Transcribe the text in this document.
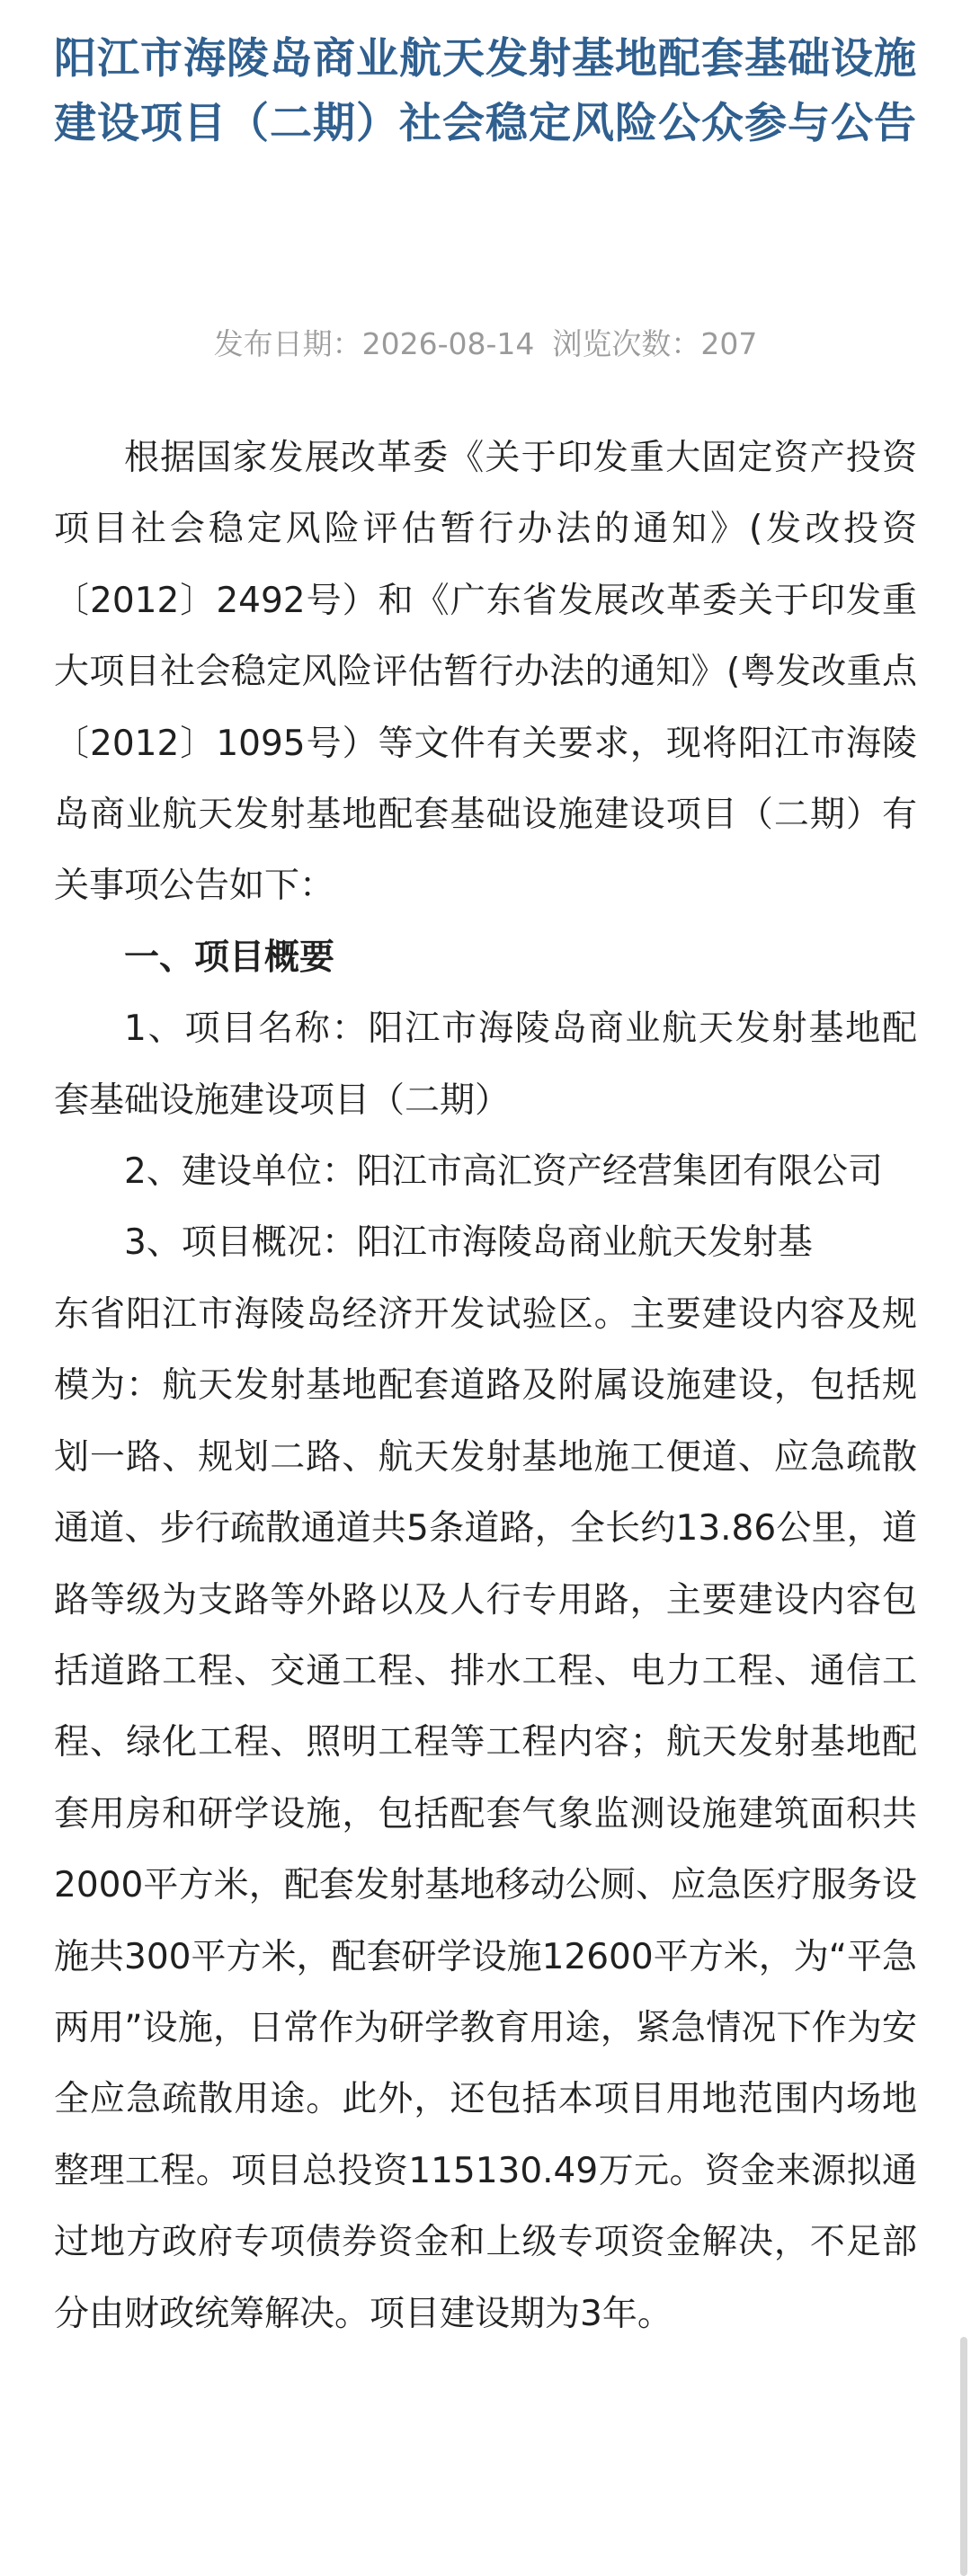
阳江市海陵岛商业航天发射基地配套基础设施建设项目（二期）社会稳定风险公众参与公告
发布日期：2026-08-14 浏览次数：207

根据国家发展改革委《关于印发重大固定资产投资项目社会稳定风险评估暂行办法的通知》(发改投资〔2012〕2492号）和《广东省发展改革委关于印发重大项目社会稳定风险评估暂行办法的通知》(粤发改重点〔2012〕1095号）等文件有关要求，现将阳江市海陵岛商业航天发射基地配套基础设施建设项目（二期）有关事项公告如下：

一、项目概要

1、项目名称：阳江市海陵岛商业航天发射基地配套基础设施建设项目（二期）

2、建设单位：阳江市高汇资产经营集团有限公司

3、项目概况：阳江市海陵岛商业航天发射基

东省阳江市海陵岛经济开发试验区。主要建设内容及规模为：航天发射基地配套道路及附属设施建设，包括规划一路、规划二路、航天发射基地施工便道、应急疏散通道、步行疏散通道共5条道路，全长约13.86公里，道路等级为支路等外路以及人行专用路，主要建设内容包括道路工程、交通工程、排水工程、电力工程、通信工程、绿化工程、照明工程等工程内容；航天发射基地配套用房和研学设施，包括配套气象监测设施建筑面积共2000平方米，配套发射基地移动公厕、应急医疗服务设施共300平方米，配套研学设施12600平方米，为“平急两用”设施，日常作为研学教育用途，紧急情况下作为安全应急疏散用途。此外，还包括本项目用地范围内场地整理工程。项目总投资115130.49万元。资金来源拟通过地方政府专项债券资金和上级专项资金解决，不足部分由财政统筹解决。项目建设期为3年。
